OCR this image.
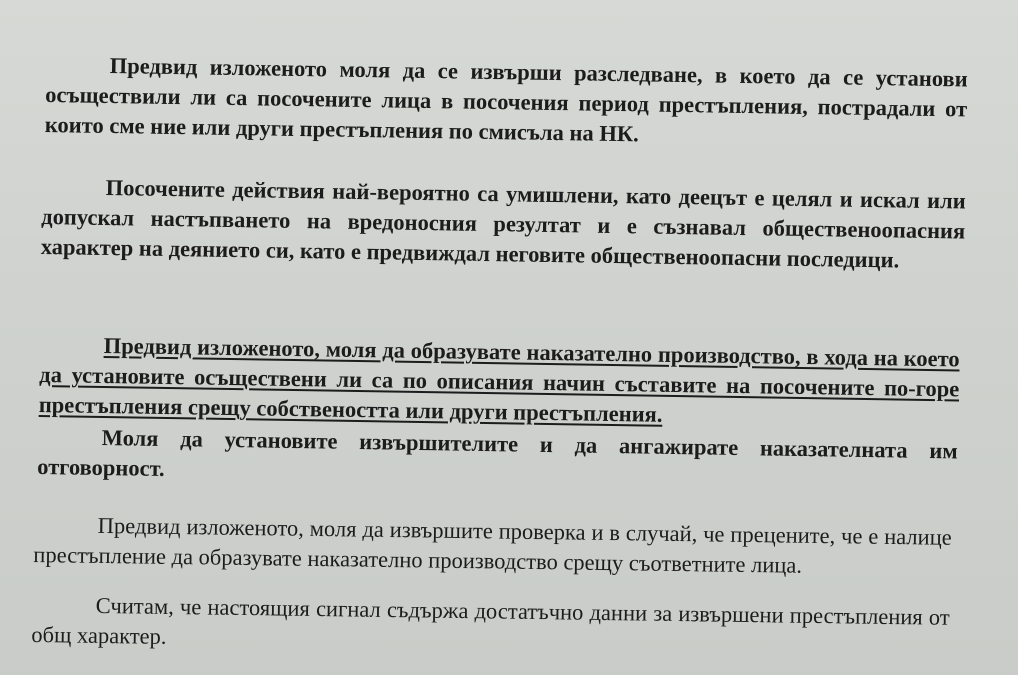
Предвид изложеното моля да се извърши разследване, в което да се установи осъществили ли са посочените лица в посочения период престъпления, пострадали от които сме ние или други престъпления по смисъла на НК.

Посочените действия най-вероятно са умишлени, като деецът е целял и искал или допускал настъпването на вредоносния резултат и е съзнавал общественоопасния характер на деянието си, като е предвиждал неговите общественоопасни последици.

Предвид изложеното, моля да образувате наказателно производство, в хода на което да установите осъществени ли са по описания начин съставите на посочените по-горе престъпления срещу собствеността или други престъпления.

Моля да установите извършителите и да ангажирате наказателната им отговорност.

Предвид изложеното, моля да извършите проверка и в случай, че прецените, че е налице престъпление да образувате наказателно производство срещу съответните лица.

Считам, че настоящия сигнал съдържа достатъчно данни за извършени престъпления от общ характер.
